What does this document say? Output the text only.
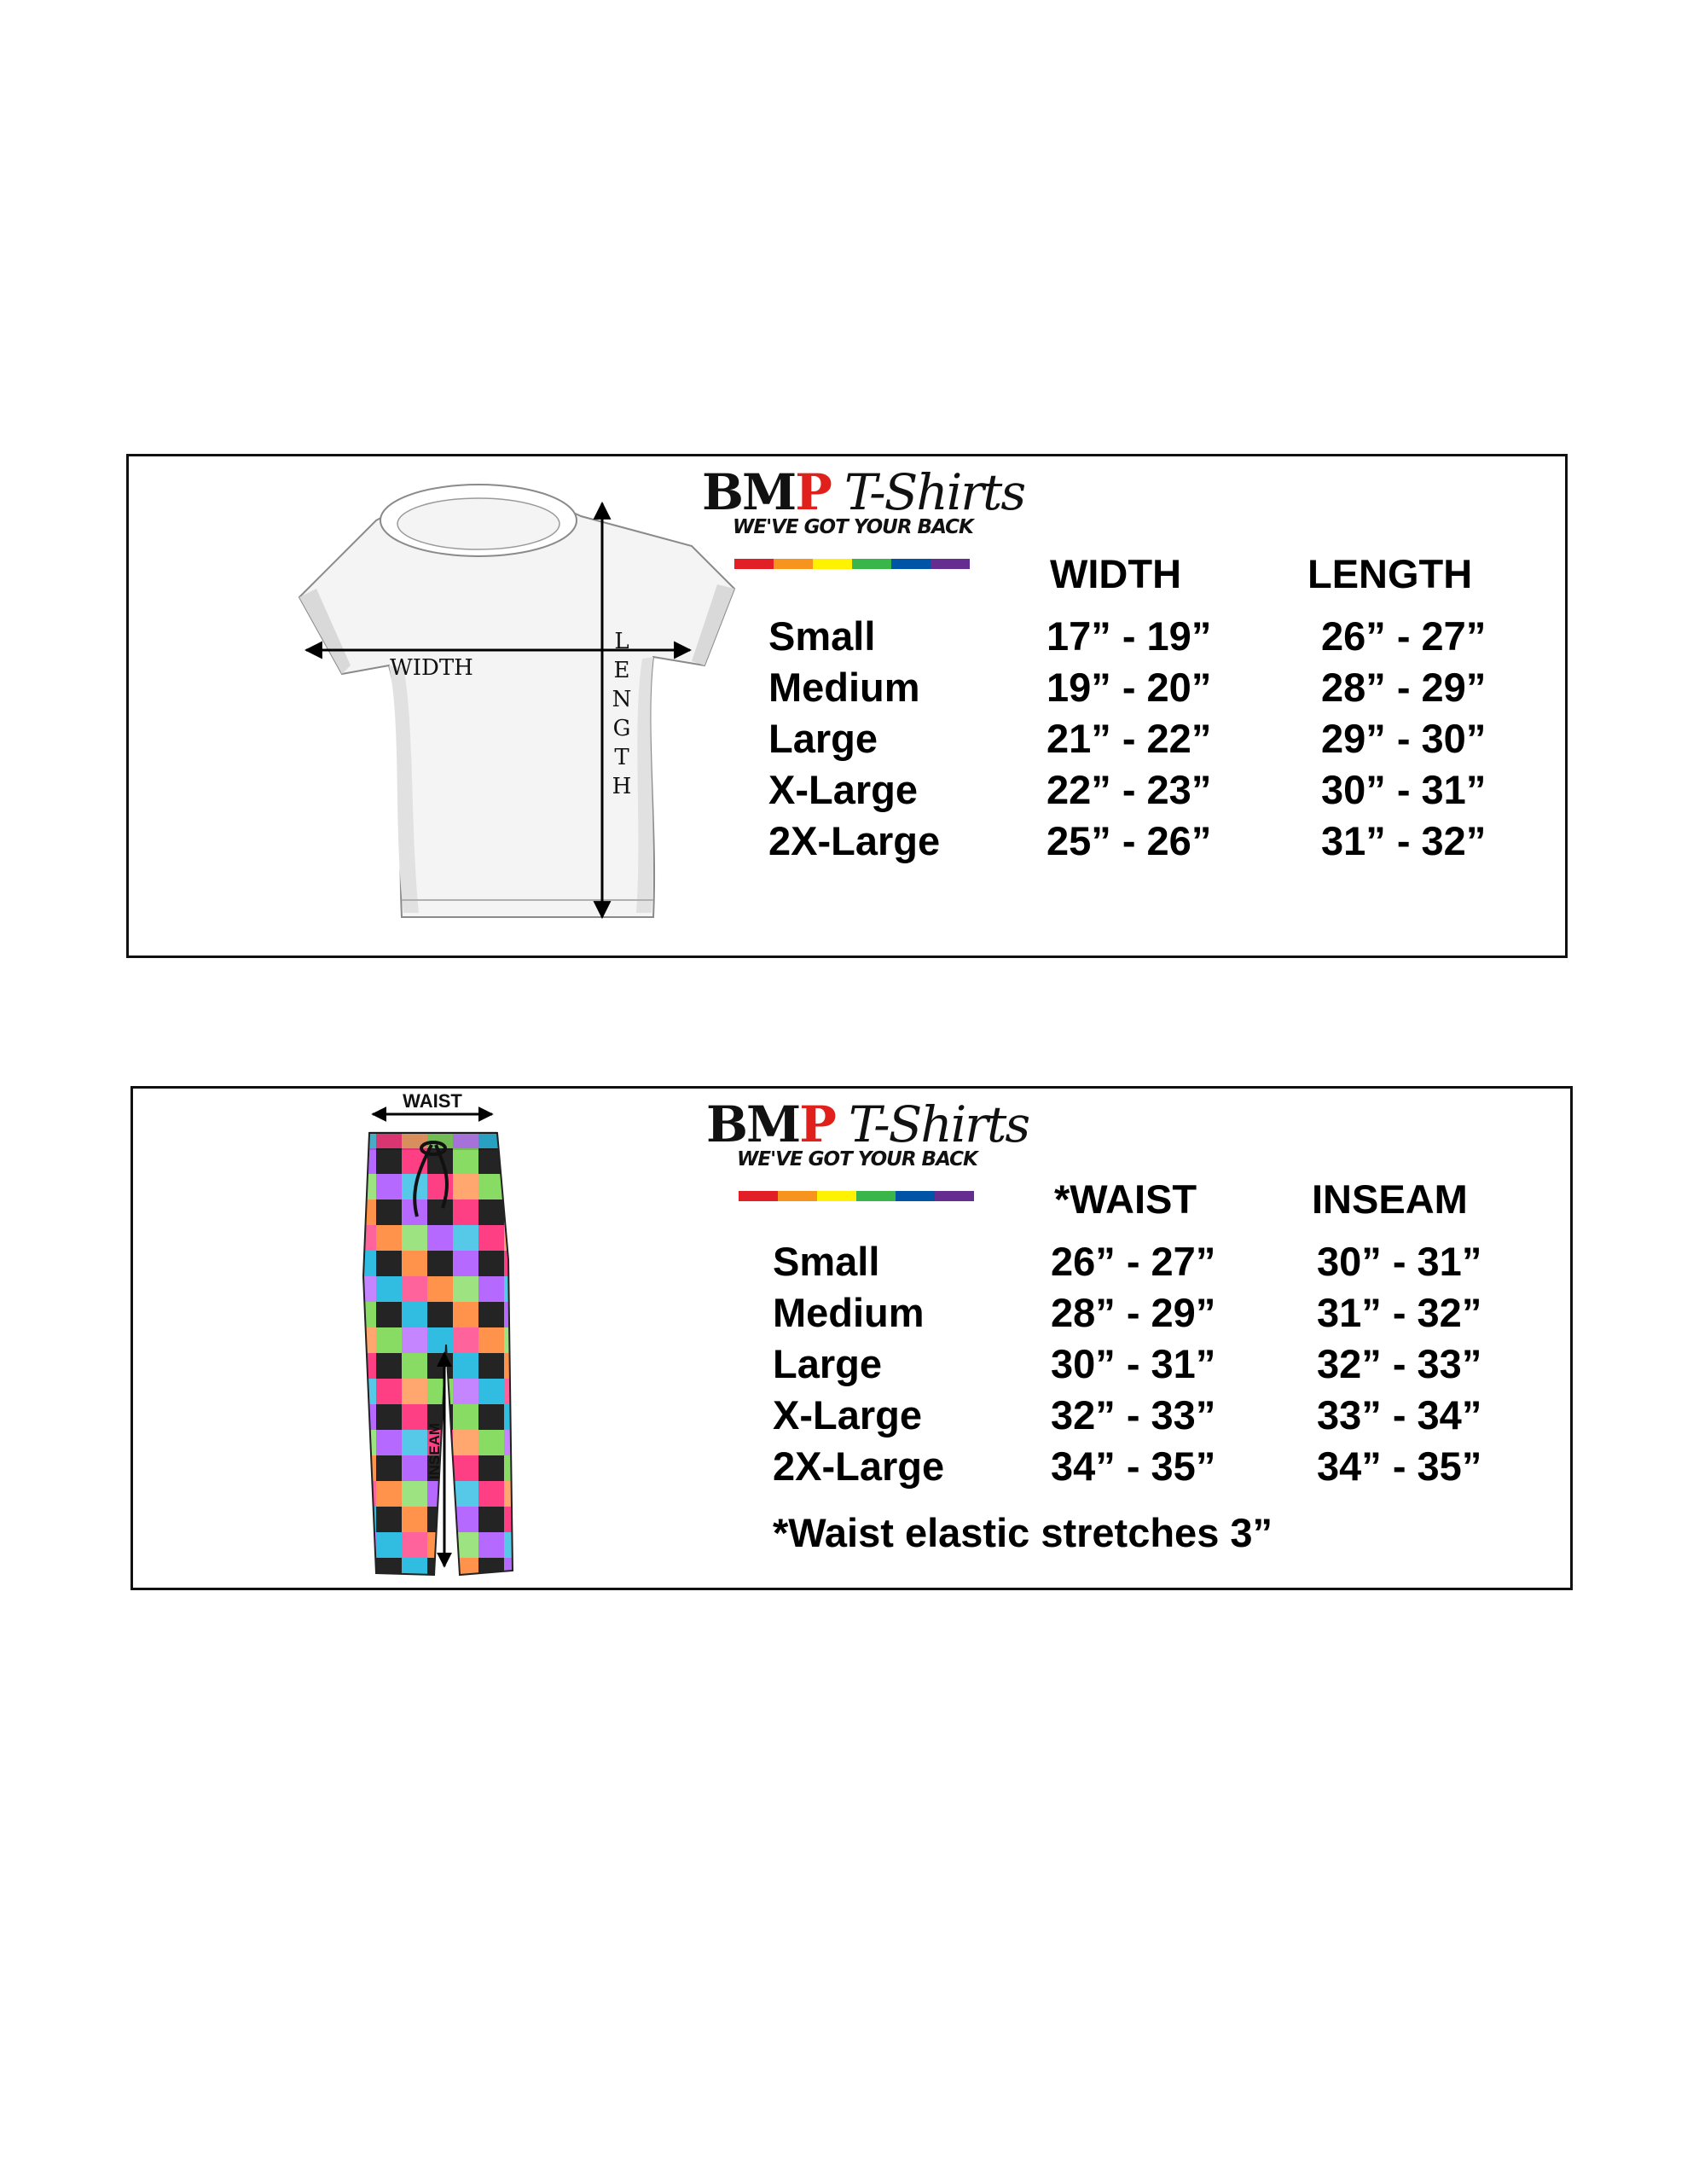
WIDTH
L
E
N
G
T
H
BMP T-Shirts
WE'VE GOT YOUR BACK
WIDTH	LENGTH
Small	17” - 19”	26” - 27”
Medium	19” - 20”	28” - 29”
Large	21” - 22”	29” - 30”
X-Large	22” - 23”	30” - 31”
2X-Large	25” - 26”	31” - 32”
WAIST
INSEAM
BMP T-Shirts
WE'VE GOT YOUR BACK
*WAIST	INSEAM
Small	26” - 27”	30” - 31”
Medium	28” - 29”	31” - 32”
Large	30” - 31”	32” - 33”
X-Large	32” - 33”	33” - 34”
2X-Large	34” - 35”	34” - 35”
*Waist elastic stretches 3”
